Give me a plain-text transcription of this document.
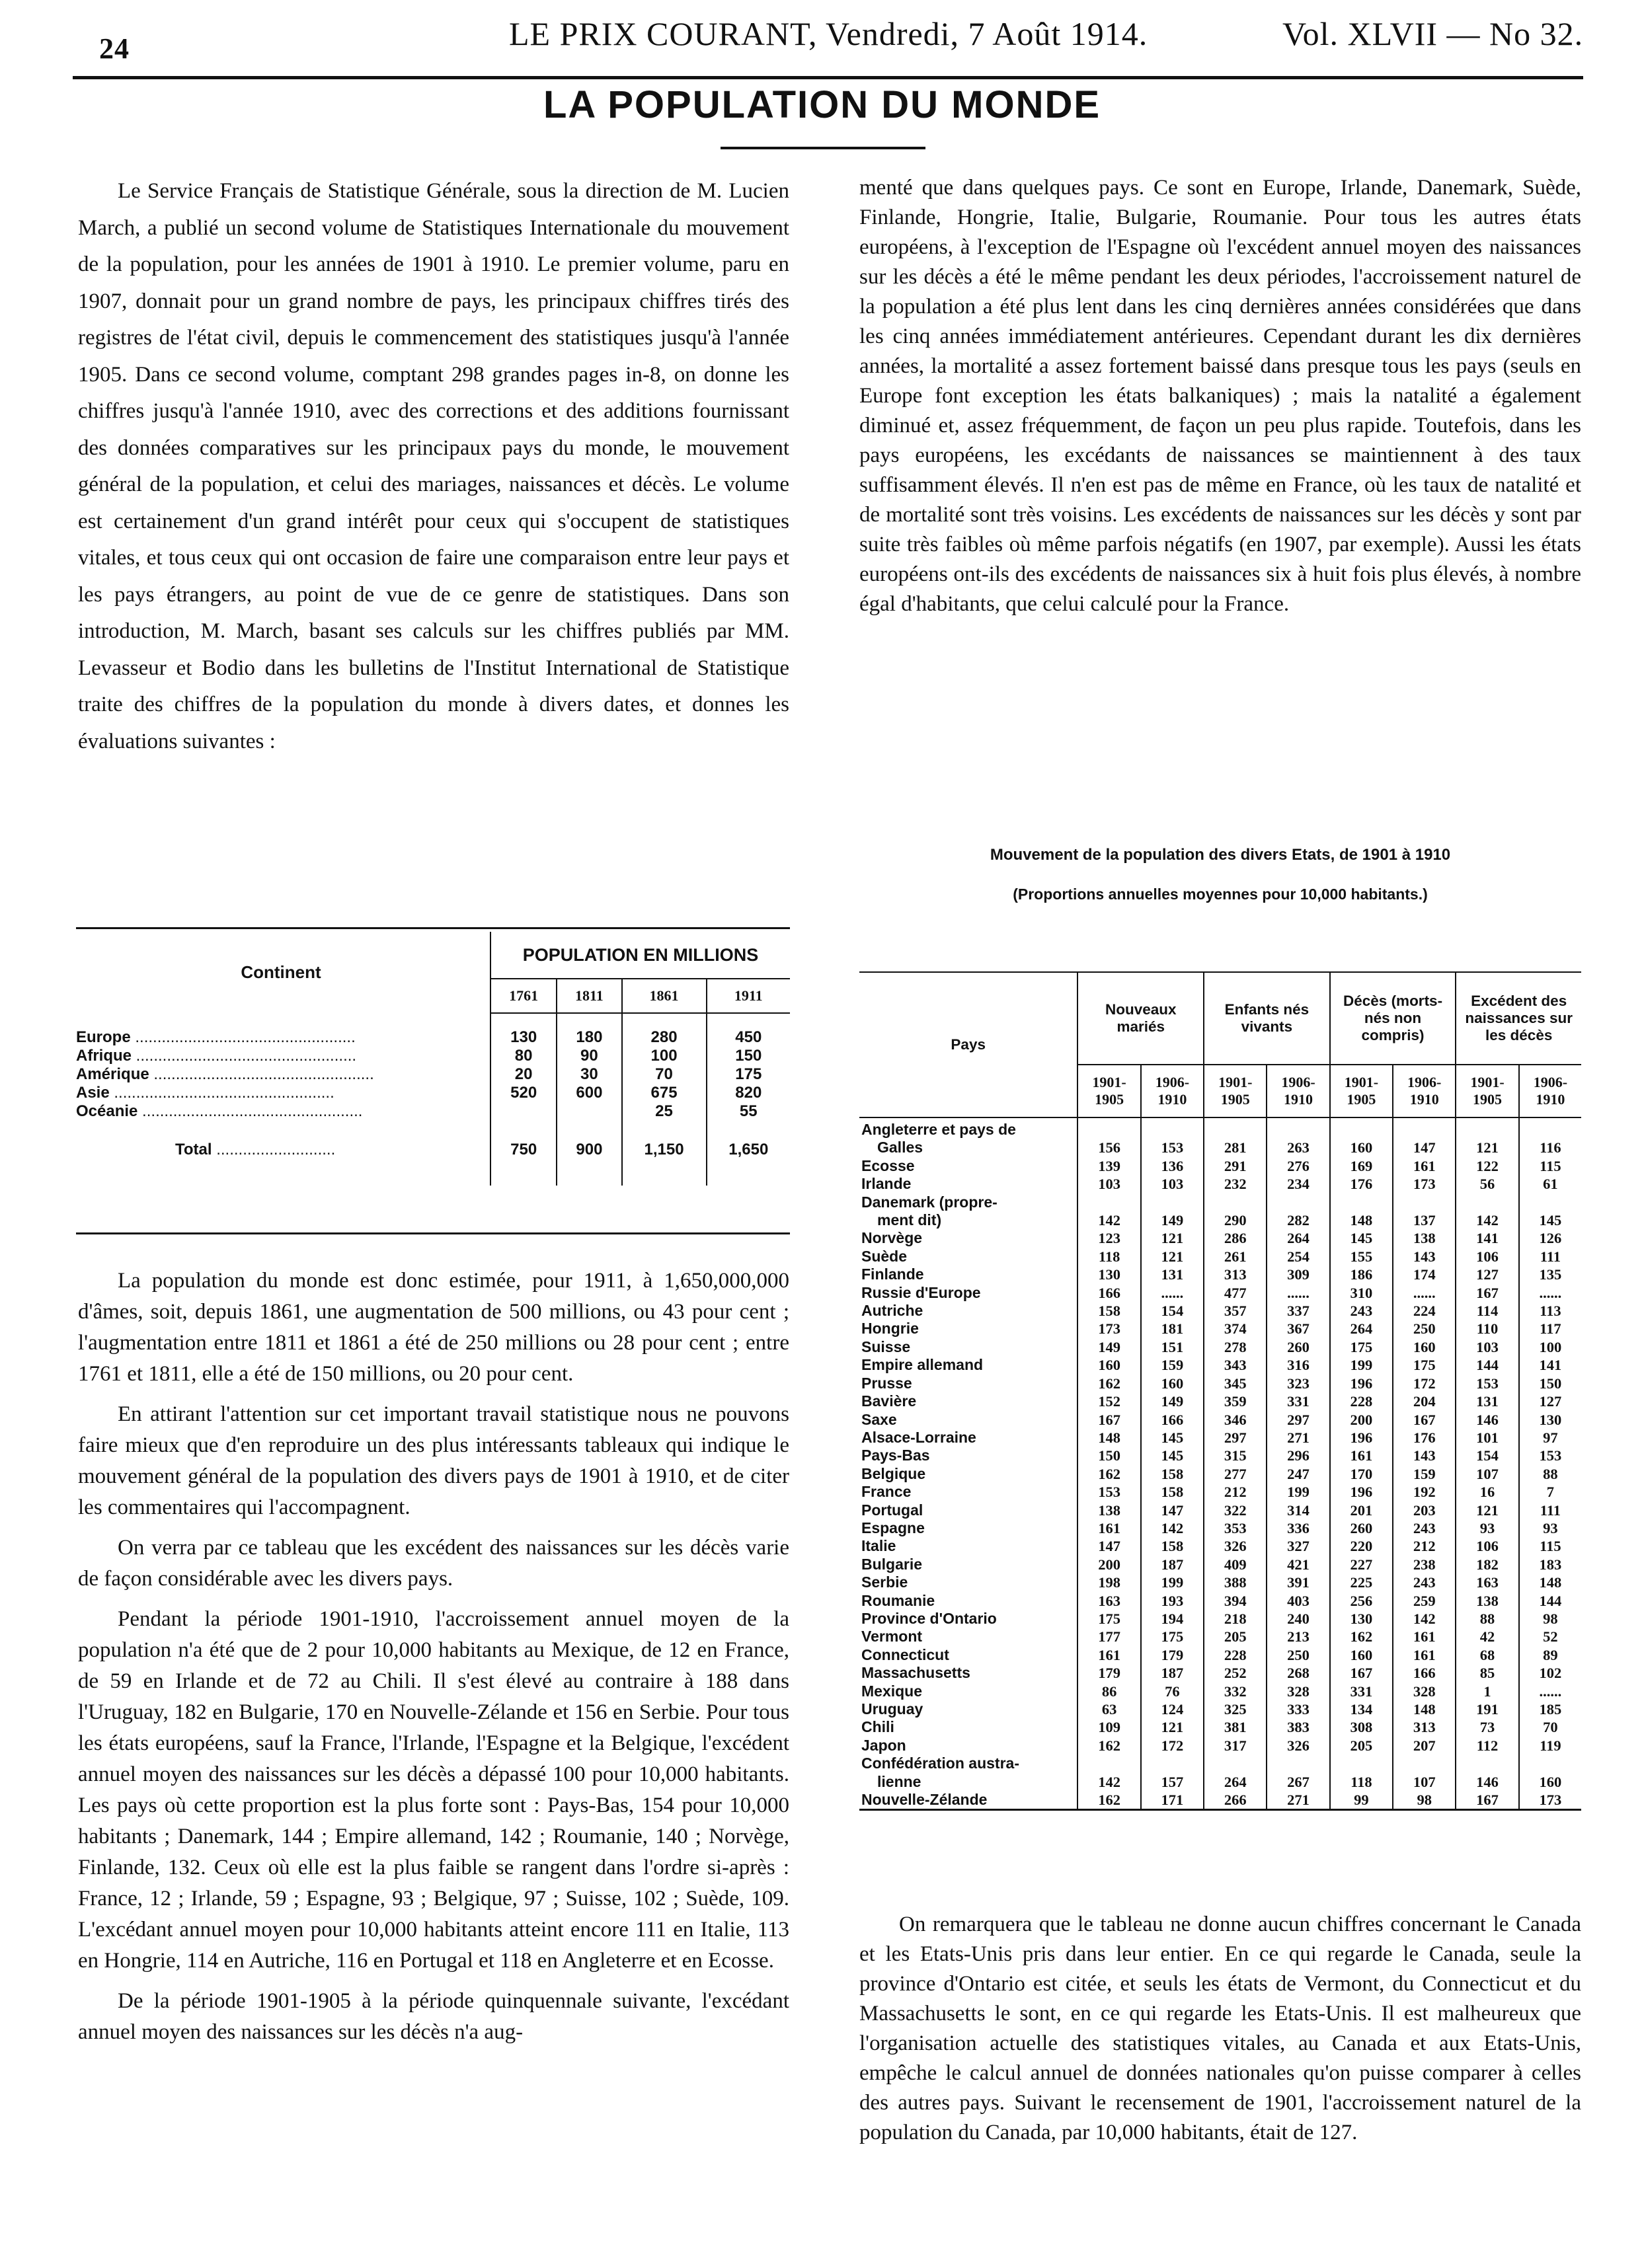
24	LE PRIX COURANT, Vendredi, 7 Août 1914.	Vol. XLVII — No 32.
LA POPULATION DU MONDE

Le Service Français de Statistique Générale, sous la direction de M. Lucien March, a publié un second volume de Statistiques Internationale du mouvement de la population, pour les années de 1901 à 1910. Le premier volume, paru en 1907, donnait pour un grand nombre de pays, les principaux chiffres tirés des registres de l'état civil, depuis le commencement des statistiques jusqu'à l'année 1905. Dans ce second volume, comptant 298 grandes pages in-8, on donne les chiffres jusqu'à l'année 1910, avec des corrections et des additions fournissant des données comparatives sur les principaux pays du monde, le mouvement général de la population, et celui des mariages, naissances et décès. Le volume est certainement d'un grand intérêt pour ceux qui s'occupent de statistiques vitales, et tous ceux qui ont occasion de faire une comparaison entre leur pays et les pays étrangers, au point de vue de ce genre de statistiques. Dans son introduction, M. March, basant ses calculs sur les chiffres publiés par MM. Levasseur et Bodio dans les bulletins de l'Institut International de Statistique traite des chiffres de la population du monde à divers dates, et donnes les évaluations suivantes :

Continent	POPULATION EN MILLIONS			
	1761	1811	1861	1911
Europe ..................................................	130	180	280	450
Afrique ..................................................	80	90	100	150
Amérique ..................................................	20	30	70	175
Asie ..................................................	520	600	675	820
Océanie ..................................................			25	55
Total ...........................	750	900	1,150	1,650

La population du monde est donc estimée, pour 1911, à 1,650,000,000 d'âmes, soit, depuis 1861, une augmentation de 500 millions, ou 43 pour cent ; l'augmentation entre 1811 et 1861 a été de 250 millions ou 28 pour cent ; entre 1761 et 1811, elle a été de 150 millions, ou 20 pour cent.

En attirant l'attention sur cet important travail statistique nous ne pouvons faire mieux que d'en reproduire un des plus intéressants tableaux qui indique le mouvement général de la population des divers pays de 1901 à 1910, et de citer les commentaires qui l'accompagnent.

On verra par ce tableau que les excédent des naissances sur les décès varie de façon considérable avec les divers pays.

Pendant la période 1901-1910, l'accroissement annuel moyen de la population n'a été que de 2 pour 10,000 habitants au Mexique, de 12 en France, de 59 en Irlande et de 72 au Chili. Il s'est élevé au contraire à 188 dans l'Uruguay, 182 en Bulgarie, 170 en Nouvelle-Zélande et 156 en Serbie. Pour tous les états européens, sauf la France, l'Irlande, l'Espagne et la Belgique, l'excédent annuel moyen des naissances sur les décès a dépassé 100 pour 10,000 habitants. Les pays où cette proportion est la plus forte sont : Pays-Bas, 154 pour 10,000 habitants ; Danemark, 144 ; Empire allemand, 142 ; Roumanie, 140 ; Norvège, Finlande, 132. Ceux où elle est la plus faible se rangent dans l'ordre si-après : France, 12 ; Irlande, 59 ; Espagne, 93 ; Belgique, 97 ; Suisse, 102 ; Suède, 109. L'excédant annuel moyen pour 10,000 habitants atteint encore 111 en Italie, 113 en Hongrie, 114 en Autriche, 116 en Portugal et 118 en Angleterre et en Ecosse.

De la période 1901-1905 à la période quinquennale suivante, l'excédant annuel moyen des naissances sur les décès n'a aug-

menté que dans quelques pays. Ce sont en Europe, Irlande, Danemark, Suède, Finlande, Hongrie, Italie, Bulgarie, Roumanie. Pour tous les autres états européens, à l'exception de l'Espagne où l'excédent annuel moyen des naissances sur les décès a été le même pendant les deux périodes, l'accroissement naturel de la population a été plus lent dans les cinq dernières années considérées que dans les cinq années immédiatement antérieures. Cependant durant les dix dernières années, la mortalité a assez fortement baissé dans presque tous les pays (seuls en Europe font exception les états balkaniques) ; mais la natalité a également diminué et, assez fréquemment, de façon un peu plus rapide. Toutefois, dans les pays européens, les excédants de naissances se maintiennent à des taux suffisamment élevés. Il n'en est pas de même en France, où les taux de natalité et de mortalité sont très voisins. Les excédents de naissances sur les décès y sont par suite très faibles où même parfois négatifs (en 1907, par exemple). Aussi les états européens ont-ils des excédents de naissances six à huit fois plus élevés, à nombre égal d'habitants, que celui calculé pour la France.

Mouvement de la population des divers Etats, de 1901 à 1910
(Proportions annuelles moyennes pour 10,000 habitants.)
Pays	Nouveaux mariés		Enfants nés vivants		Décès (morts-nés non compris)		Excédent des naissances sur les décès	
	1901-1905	1906-1910	1901-1905	1906-1910	1901-1905	1906-1910	1901-1905	1906-1910

Angleterre et pays de
Galles	156	153	281	263	160	147	121	116

Ecosse	139	136	291	276	169	161	122	115

Irlande	103	103	232	234	176	173	56	61

Danemark (propre-
ment dit)	142	149	290	282	148	137	142	145

Norvège	123	121	286	264	145	138	141	126

Suède	118	121	261	254	155	143	106	111

Finlande	130	131	313	309	186	174	127	135

Russie d'Europe	166	......	477	......	310	......	167	......

Autriche	158	154	357	337	243	224	114	113

Hongrie	173	181	374	367	264	250	110	117

Suisse	149	151	278	260	175	160	103	100

Empire allemand	160	159	343	316	199	175	144	141

Prusse	162	160	345	323	196	172	153	150

Bavière	152	149	359	331	228	204	131	127

Saxe	167	166	346	297	200	167	146	130

Alsace-Lorraine	148	145	297	271	196	176	101	97

Pays-Bas	150	145	315	296	161	143	154	153

Belgique	162	158	277	247	170	159	107	88

France	153	158	212	199	196	192	16	7

Portugal	138	147	322	314	201	203	121	111

Espagne	161	142	353	336	260	243	93	93

Italie	147	158	326	327	220	212	106	115

Bulgarie	200	187	409	421	227	238	182	183

Serbie	198	199	388	391	225	243	163	148

Roumanie	163	193	394	403	256	259	138	144

Province d'Ontario	175	194	218	240	130	142	88	98

Vermont	177	175	205	213	162	161	42	52

Connecticut	161	179	228	250	160	161	68	89

Massachusetts	179	187	252	268	167	166	85	102

Mexique	86	76	332	328	331	328	1	......

Uruguay	63	124	325	333	134	148	191	185

Chili	109	121	381	383	308	313	73	70

Japon	162	172	317	326	205	207	112	119

Confédération austra-
lienne	142	157	264	267	118	107	146	160

Nouvelle-Zélande	162	171	266	271	99	98	167	173

On remarquera que le tableau ne donne aucun chiffres concernant le Canada et les Etats-Unis pris dans leur entier. En ce qui regarde le Canada, seule la province d'Ontario est citée, et seuls les états de Vermont, du Connecticut et du Massachusetts le sont, en ce qui regarde les Etats-Unis. Il est malheureux que l'organisation actuelle des statistiques vitales, au Canada et aux Etats-Unis, empêche le calcul annuel de données nationales qu'on puisse comparer à celles des autres pays. Suivant le recensement de 1901, l'accroissement naturel de la population du Canada, par 10,000 habitants, était de 127.
